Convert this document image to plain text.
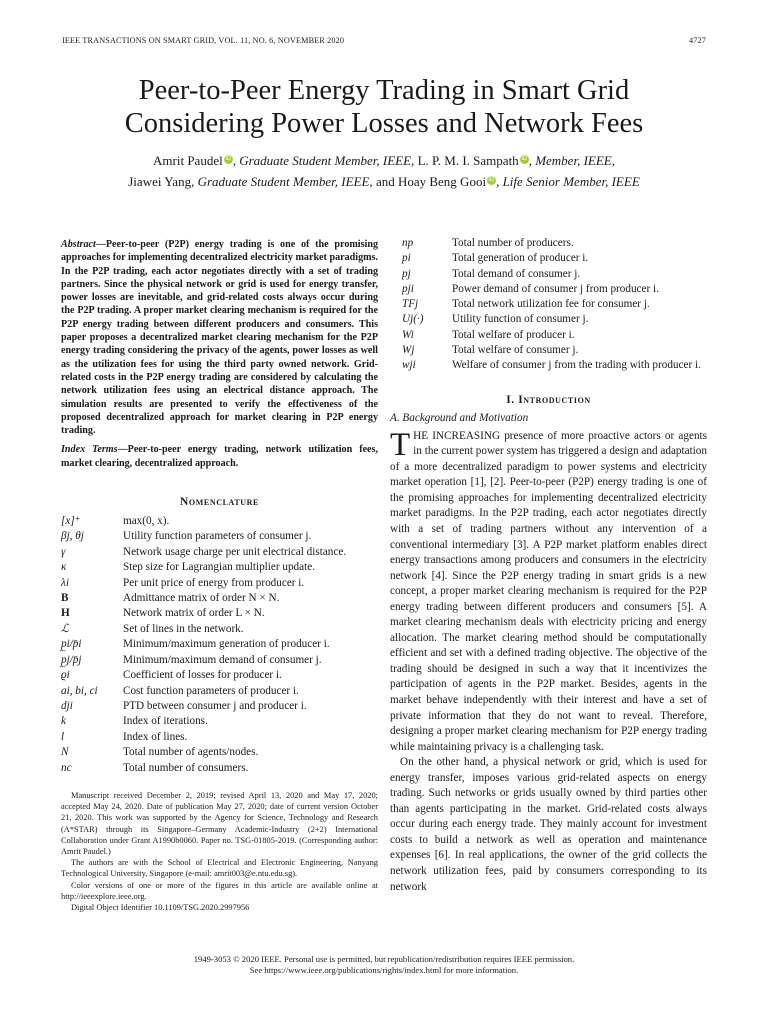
IEEE TRANSACTIONS ON SMART GRID, VOL. 11, NO. 6, NOVEMBER 2020	4727
Peer-to-Peer Energy Trading in Smart Grid
Considering Power Losses and Network Fees
Amrit Paudel iD , Graduate Student Member, IEEE, L. P. M. I. Sampath iD , Member, IEEE,
Jiawei Yang, Graduate Student Member, IEEE, and Hoay Beng Gooi iD , Life Senior Member, IEEE
Abstract—Peer-to-peer (P2P) energy trading is one of the promising approaches for implementing decentralized electricity market paradigms. In the P2P trading, each actor negotiates directly with a set of trading partners. Since the physical network or grid is used for energy transfer, power losses are inevitable, and grid-related costs always occur during the P2P trading. A proper market clearing mechanism is required for the P2P energy trading between different producers and consumers. This paper proposes a decentralized market clearing mechanism for the P2P energy trading considering the privacy of the agents, power losses as well as the utilization fees for using the third party owned network. Grid-related costs in the P2P energy trading are considered by calculating the network utilization fees using an electrical distance approach. The simulation results are presented to verify the effectiveness of the proposed decentralized approach for market clearing in P2P energy trading.
Index Terms—Peer-to-peer energy trading, network utilization fees, market clearing, decentralized approach.
Nomenclature
[x]⁺	max(0, x).
βj, θj	Utility function parameters of consumer j.
γ	Network usage charge per unit electrical distance.
κ	Step size for Lagrangian multiplier update.
λi	Per unit price of energy from producer i.
B	Admittance matrix of order N × N.
H	Network matrix of order L × N.
ℒ	Set of lines in the network.
p̲i/p̄i	Minimum/maximum generation of producer i.
p̲j/p̄j	Minimum/maximum demand of consumer j.
ϱi	Coefficient of losses for producer i.
ai, bi, ci	Cost function parameters of producer i.
dji	PTD between consumer j and producer i.
k	Index of iterations.
l	Index of lines.
N	Total number of agents/nodes.
nc	Total number of consumers.

Manuscript received December 2, 2019; revised April 13, 2020 and May 17, 2020; accepted May 24, 2020. Date of publication May 27, 2020; date of current version October 21, 2020. This work was supported by the Agency for Science, Technology and Research (A*STAR) through its Singapore–Germany Academic-Industry (2+2) International Collaboration under Grant A1990b0060. Paper no. TSG-01805-2019. (Corresponding author: Amrit Paudel.)

The authors are with the School of Electrical and Electronic Engineering, Nanyang Technological University, Singapore (e-mail: amrit003@e.ntu.edu.sg).

Color versions of one or more of the figures in this article are available online at http://ieeexplore.ieee.org.

Digital Object Identifier 10.1109/TSG.2020.2997956

np	Total number of producers.
pi	Total generation of producer i.
pj	Total demand of consumer j.
pji	Power demand of consumer j from producer i.
TFj	Total network utilization fee for consumer j.
Uj(·)	Utility function of consumer j.
Wi	Total welfare of producer i.
Wj	Total welfare of consumer j.
wji	Welfare of consumer j from the trading with producer i.
I. Introduction
A. Background and Motivation

THE INCREASING presence of more proactive actors or agents in the current power system has triggered a design and adaptation of a more decentralized paradigm to power systems and electricity market operation [1], [2]. Peer-to-peer (P2P) energy trading is one of the promising approaches for implementing decentralized electricity market paradigms. In the P2P trading, each actor negotiates directly with a set of trading partners without any intervention of a conventional intermediary [3]. A P2P market platform enables direct energy transactions among producers and consumers in the electricity network [4]. Since the P2P energy trading in smart grids is a new concept, a proper market clearing mechanism is required for the P2P energy trading between different producers and consumers [5]. A market clearing mechanism deals with electricity pricing and energy allocation. The market clearing method should be computationally efficient and set with a defined trading objective. The objective of the trading should be designed in such a way that it incentivizes the participation of agents in the P2P market. Besides, agents in the market behave independently with their interest and have a set of private information that they do not want to reveal. Therefore, designing a proper market clearing mechanism for P2P energy trading while maintaining privacy is a challenging task.

On the other hand, a physical network or grid, which is used for energy transfer, imposes various grid-related aspects on energy trading. Such networks or grids usually owned by third parties other than agents participating in the market. Grid-related costs always occur during each energy trade. They mainly account for investment costs to build a network as well as operation and maintenance expenses [6]. In real applications, the owner of the grid collects the network utilization fees, paid by consumers corresponding to its network

1949-3053 © 2020 IEEE. Personal use is permitted, but republication/redistribution requires IEEE permission.
See https://www.ieee.org/publications/rights/index.html for more information.
